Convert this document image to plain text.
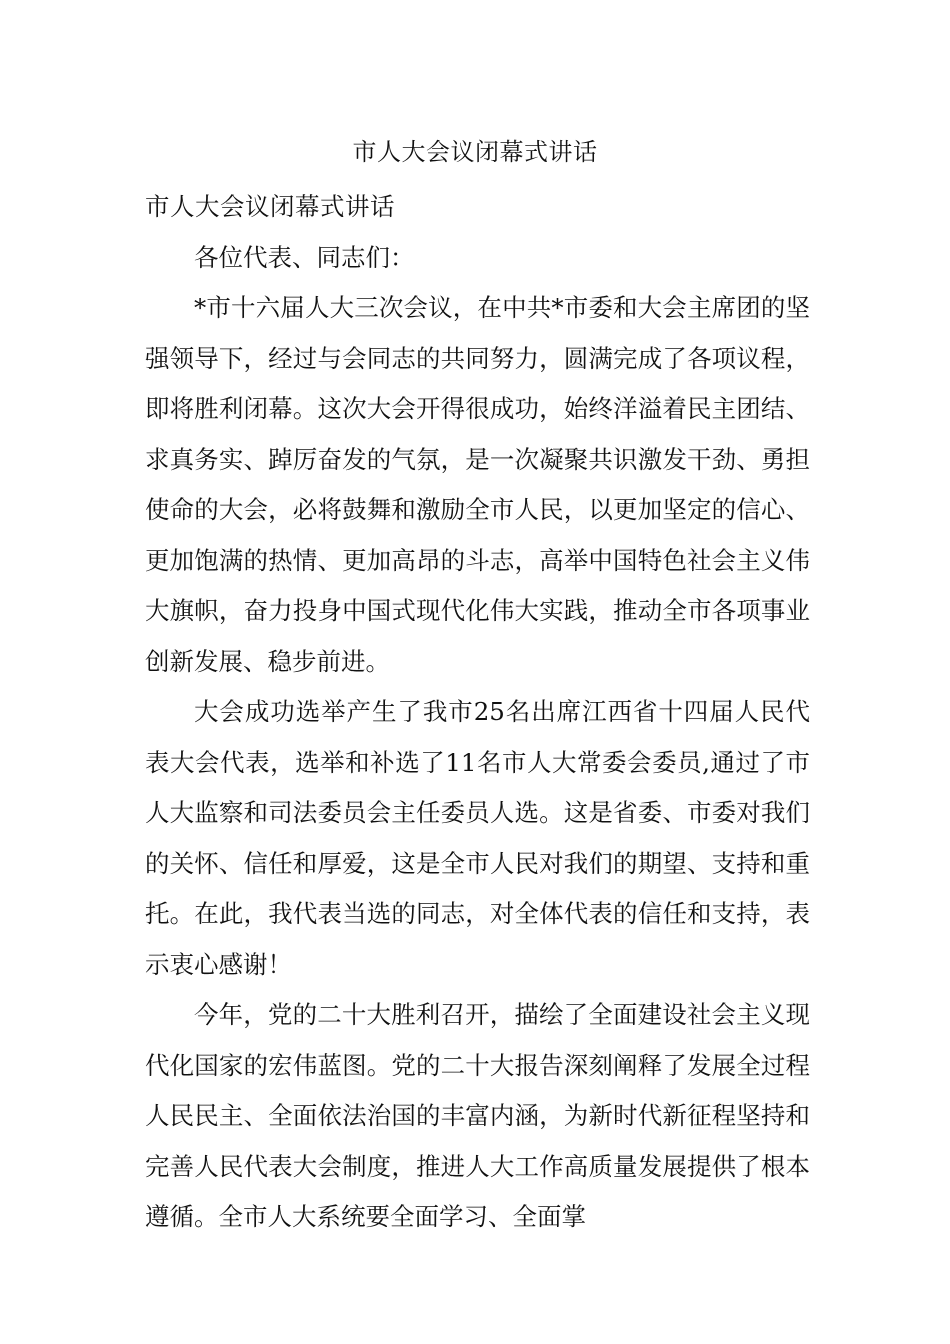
市人大会议闭幕式讲话

市人大会议闭幕式讲话

各位代表、同志们：

*市十六届人大三次会议，在中共*市委和大会主席团的坚强领导下，经过与会同志的共同努力，圆满完成了各项议程，即将胜利闭幕。这次大会开得很成功，始终洋溢着民主团结、求真务实、踔厉奋发的气氛，是一次凝聚共识激发干劲、勇担使命的大会，必将鼓舞和激励全市人民，以更加坚定的信心、更加饱满的热情、更加高昂的斗志，高举中国特色社会主义伟大旗帜，奋力投身中国式现代化伟大实践，推动全市各项事业创新发展、稳步前进。

大会成功选举产生了我市25名出席江西省十四届人民代表大会代表，选举和补选了11名市人大常委会委员,通过了市人大监察和司法委员会主任委员人选。这是省委、市委对我们的关怀、信任和厚爱，这是全市人民对我们的期望、支持和重托。在此，我代表当选的同志，对全体代表的信任和支持，表示衷心感谢！

今年，党的二十大胜利召开，描绘了全面建设社会主义现代化国家的宏伟蓝图。党的二十大报告深刻阐释了发展全过程人民民主、全面依法治国的丰富内涵，为新时代新征程坚持和完善人民代表大会制度，推进人大工作高质量发展提供了根本遵循。全市人大系统要全面学习、全面掌
